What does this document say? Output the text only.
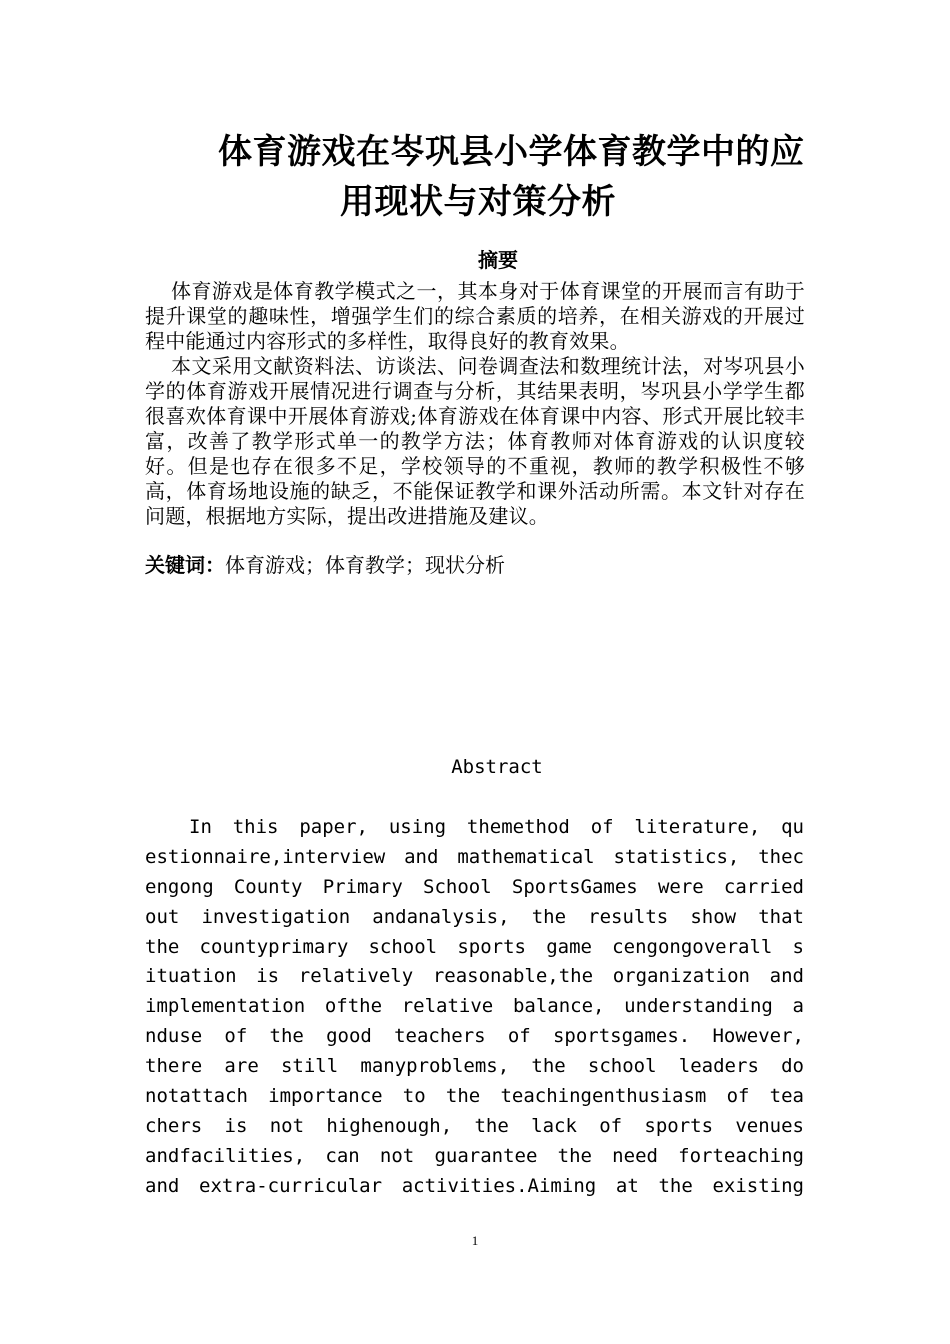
体育游戏在岑巩县小学体育教学中的应
用现状与对策分析
摘要
体育游戏是体育教学模式之一，其本身对于体育课堂的开展而言有助于提升课堂的趣味性，增强学生们的综合素质的培养，在相关游戏的开展过程中能通过内容形式的多样性，取得良好的教育效果。
本文采用文献资料法、访谈法、问卷调查法和数理统计法，对岑巩县小学的体育游戏开展情况进行调查与分析，其结果表明，岑巩县小学学生都很喜欢体育课中开展体育游戏;体育游戏在体育课中内容、形式开展比较丰富，改善了教学形式单一的教学方法；体育教师对体育游戏的认识度较好。但是也存在很多不足，学校领导的不重视，教师的教学积极性不够高，体育场地设施的缺乏，不能保证教学和课外活动所需。本文针对存在问题，根据地方实际，提出改进措施及建议。
关键词：体育游戏；体育教学；现状分析
Abstract
In this paper, using themethod of literature, qu
estionnaire,interview and mathematical statistics, thec
engong County Primary School SportsGames were carried
out investigation andanalysis, the results show that
the countyprimary school sports game cengongoverall s
ituation is relatively reasonable,the organization and
implementation ofthe relative balance, understanding a
nduse of the good teachers of sportsgames. However,
there are still manyproblems, the school leaders do
notattach importance to the teachingenthusiasm of tea
chers is not highenough, the lack of sports venues
andfacilities, can not guarantee the need forteaching
and extra-curricular activities.Aiming at the existing
1
